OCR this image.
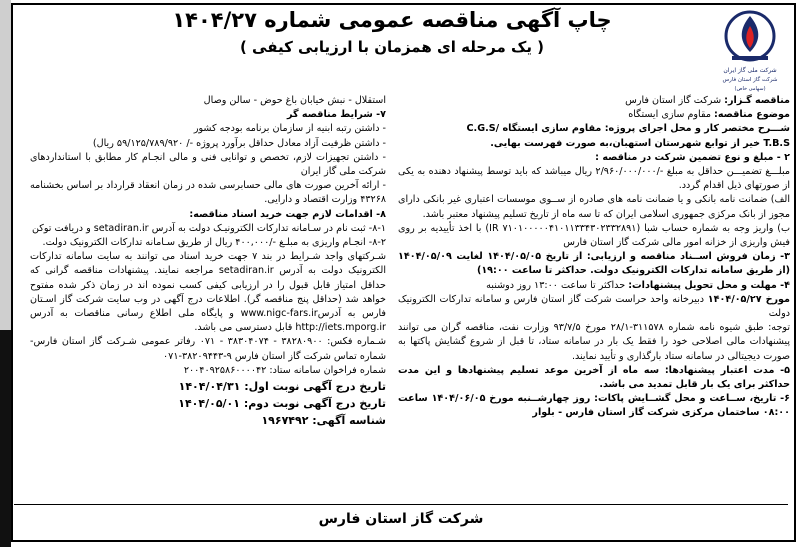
شرکت ملی گاز ایران
شرکت گاز استان فارس
(سهامی خاص)
چاپ آگهی مناقصه عمومی شماره ۱۴۰۴/۲۷
( یک مرحله ای همزمان با ارزیابی کیفی )

مناقصه گـزار: شرکت گاز استان فارس

موضوع مناقصه: مقاوم سازی ایستگاه

شـــرح مختصر کار و محل اجرای پروژه: مقاوم سازی ایستگاه /C.G.S

T.B.S خیر از توابع شهرستان استهبان،به صورت فهرست بهایی.

۲ - مبلغ و نوع تضمین شرکت در مناقصه :

مبلـــغ تضمیـــن حداقل به مبلغ -/۲/۹۶۰/۰۰۰/۰۰۰ ریال میباشد که باید توسط پیشنهاد دهنده به یکی از صورتهای ذیل اقدام گردد.

الف) ضمانت نامه بانکی و یا ضمانت نامه های صادره از ســوی موسسات اعتباری غیر بانکی دارای مجوز از بانک مرکزی جمهوری اسلامی ایران که تا سه ماه از تاریخ تسلیم پیشنهاد معتبر باشد.

ب) واریز وجه به شماره حساب شبا (IR ۷۱۰۱۰۰۰۰۰۴۱۰۱۱۳۳۴۳۰۲۳۳۲۸۹۱) با اخذ تأییدیه بر روی فیش واریزی از خزانه امور مالی شرکت گاز استان فارس

۳- زمان فروش اســناد مناقصه و ارزیابی: از تاریخ ۱۴۰۴/۰۵/۰۵ لغایت ۱۴۰۴/۰۵/۰۹ (از طریق سامانه تدارکات الکترونیک دولت. حداکثر تا ساعت ۱۹:۰۰)

۴- مهلت و محل تحویل پیشنهادات: حداکثر تا ساعت ۱۳:۰۰ روز دوشنبه

مورخ ۱۴۰۴/۰۵/۲۷ دبیرخانه واحد حراست شرکت گاز استان فارس و سامانه تدارکات الکترونیک دولت

توجه: طبق شیوه نامه شماره ۳۱۱۵۷۸-۲۸/۱ مورخ ۹۳/۷/۵ وزارت نفت، مناقصه گران می توانند پیشنهادات مالی اصلاحی خود را فقط یک بار در سامانه ستاد، تا قبل از شروع گشایش پاکتها به صورت دیجیتالی در سامانه ستاد بارگذاری و تأیید نمایند.

۵- مدت اعتبار پیشنهادها: سه ماه از آخرین موعد تسلیم پیشنهادها و این مدت حداکثر برای یک بار قابل تمدید می باشد.

۶- تاریخ، ســاعت و محل گشــایش پاکات: روز چهارشــنبه مورخ ۱۴۰۴/۰۶/۰۵ ساعت ۰۸:۰۰ ساختمان مرکزی شرکت گاز استان فارس - بلوار

استقلال - نبش خیابان باغ حوض - سالن وصال

۷- شرایط مناقصه گر

- داشتن رتبه ابنیه از سازمان برنامه بودجه کشور

- داشتن ظرفیت آزاد معادل حداقل برآورد پروژه -/ ۵۹/۱۲۵/۷۸۹/۹۲۰ ریال)

- داشتن تجهیزات لازم، تخصص و توانایی فنی و مالی انجـام کار مطابق با استانداردهای شرکت ملی گاز ایران

- ارائه آخرین صورت های مالی حسابرسی شده در زمان انعقاد قرارداد بر اساس بخشنامه ۴۳۲۶۸ وزارت اقتصاد و دارایی.

۸- اقدامات لازم جهت خرید اسناد مناقصه:

۸-۱- ثبت نام در سـامانه تدارکات الکترونیـک دولت به آدرس setadiran.ir و دریافت توکن

۸-۲- انجـام واریزی به مبلـغ -/۴۰۰,۰۰۰ ریال از طریق سـامانه تدارکات الکترونیک دولت.

شـرکتهای واجد شـرایط در بند ۷ جهت خرید اسناد می توانند به سایت سامانه تدارکات الکترونیک دولت به آدرس setadiran.ir مراجعه نمایند. پیشنهادات مناقصه گرانی که حداقل امتیاز قابل قبول را در ارزیابی کیفی کسب نموده اند در زمان ذکر شده مفتوح خواهد شد (حداقل پنج مناقصه گر). اطلاعات درج آگهی در وب سایت شرکت گاز اسـتان فارس به آدرسwww.nigc-fars.ir و پایگاه ملی اطلاع رسانی مناقصات به آدرس http://iets.mporg.ir قابل دسترسی می باشد.

شـماره فکس: ۳۸۲۸۰۹۰۰ - ۳۸۳۰۴۰۷۴ - ۰۷۱ رفاتر عمومی شـرکت گاز استان فارس- شماره تماس شرکت گاز استان فارس ۹-۳۸۲۰۹۴۴۳-۰۷۱

شماره فراخوان سامانه ستاد: ۲۰۰۴۰۹۲۵۸۶۰۰۰۰۴۲

تاریخ درج آگهی نوبت اول: ۱۴۰۴/۰۴/۳۱

تاریخ درج آگهی نوبت دوم: ۱۴۰۴/۰۵/۰۱

شناسه آگهی: ۱۹۶۷۴۹۲

شرکت گاز استان فارس
